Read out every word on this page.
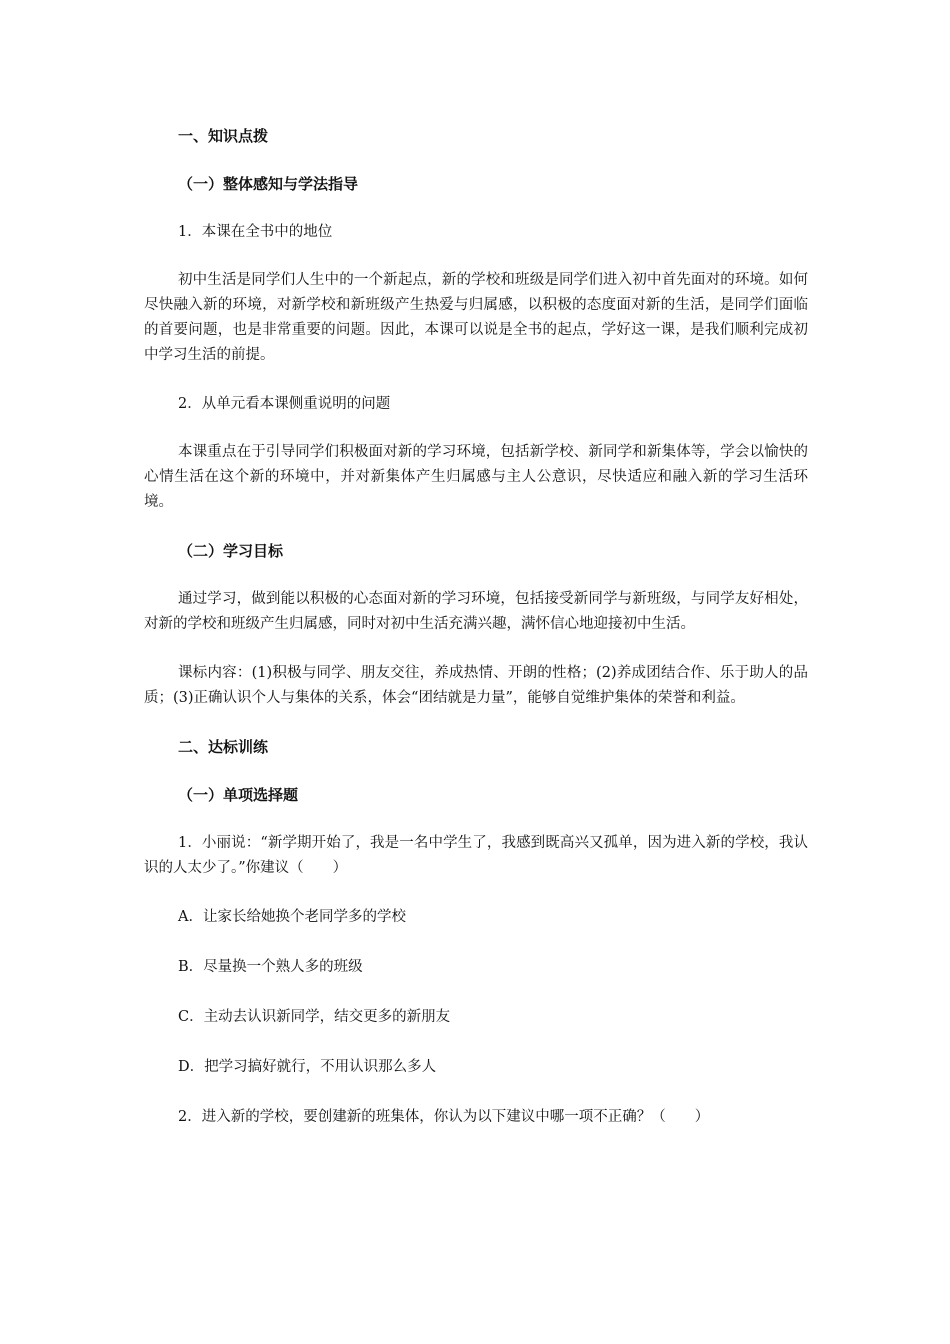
一、知识点拨
（一）整体感知与学法指导
1．本课在全书中的地位

初中生活是同学们人生中的一个新起点，新的学校和班级是同学们进入初中首先面对的环境。如何尽快融入新的环境，对新学校和新班级产生热爱与归属感，以积极的态度面对新的生活，是同学们面临的首要问题，也是非常重要的问题。因此，本课可以说是全书的起点，学好这一课，是我们顺利完成初中学习生活的前提。

2．从单元看本课侧重说明的问题

本课重点在于引导同学们积极面对新的学习环境，包括新学校、新同学和新集体等，学会以愉快的心情生活在这个新的环境中，并对新集体产生归属感与主人公意识，尽快适应和融入新的学习生活环境。

（二）学习目标

通过学习，做到能以积极的心态面对新的学习环境，包括接受新同学与新班级，与同学友好相处，对新的学校和班级产生归属感，同时对初中生活充满兴趣，满怀信心地迎接初中生活。

课标内容：(1)积极与同学、朋友交往，养成热情、开朗的性格；(2)养成团结合作、乐于助人的品质；(3)正确认识个人与集体的关系，体会“团结就是力量”，能够自觉维护集体的荣誉和利益。

二、达标训练
（一）单项选择题

1．小丽说：“新学期开始了，我是一名中学生了，我感到既高兴又孤单，因为进入新的学校，我认识的人太少了。”你建议（　　）

A．让家长给她换个老同学多的学校
B．尽量换一个熟人多的班级
C．主动去认识新同学，结交更多的新朋友
D．把学习搞好就行，不用认识那么多人
2．进入新的学校，要创建新的班集体，你认为以下建议中哪一项不正确？（　　）
